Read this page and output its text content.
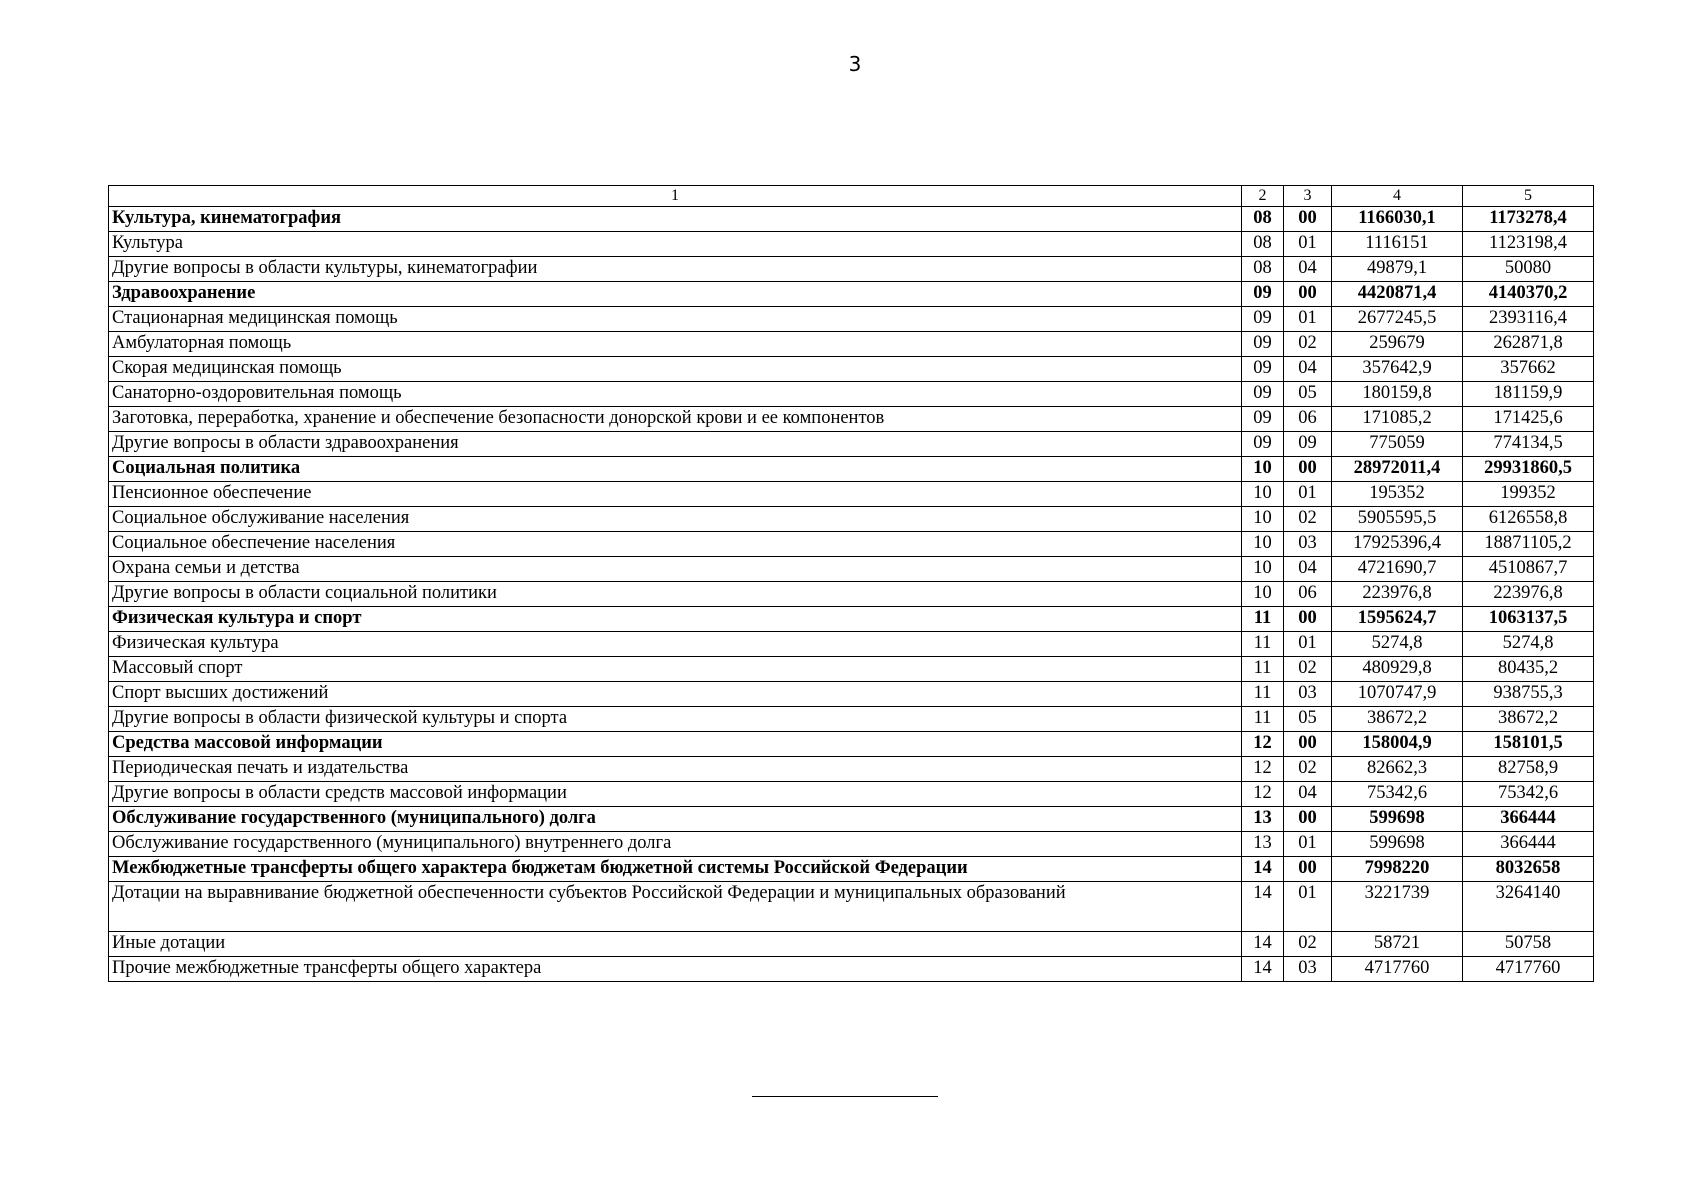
3
1	2	3	4	5
Культура, кинематография	08	00	1166030,1	1173278,4
Культура	08	01	1116151	1123198,4
Другие вопросы в области культуры, кинематографии	08	04	49879,1	50080
Здравоохранение	09	00	4420871,4	4140370,2
Стационарная медицинская помощь	09	01	2677245,5	2393116,4
Амбулаторная помощь	09	02	259679	262871,8
Скорая медицинская помощь	09	04	357642,9	357662
Санаторно-оздоровительная помощь	09	05	180159,8	181159,9
Заготовка, переработка, хранение и обеспечение безопасности донорской крови и ее компонентов	09	06	171085,2	171425,6
Другие вопросы в области здравоохранения	09	09	775059	774134,5
Социальная политика	10	00	28972011,4	29931860,5
Пенсионное обеспечение	10	01	195352	199352
Социальное обслуживание населения	10	02	5905595,5	6126558,8
Социальное обеспечение населения	10	03	17925396,4	18871105,2
Охрана семьи и детства	10	04	4721690,7	4510867,7
Другие вопросы в области социальной политики	10	06	223976,8	223976,8
Физическая культура и спорт	11	00	1595624,7	1063137,5
Физическая культура	11	01	5274,8	5274,8
Массовый спорт	11	02	480929,8	80435,2
Спорт высших достижений	11	03	1070747,9	938755,3
Другие вопросы в области физической культуры и спорта	11	05	38672,2	38672,2
Средства массовой информации	12	00	158004,9	158101,5
Периодическая печать и издательства	12	02	82662,3	82758,9
Другие вопросы в области средств массовой информации	12	04	75342,6	75342,6
Обслуживание государственного (муниципального) долга	13	00	599698	366444
Обслуживание государственного (муниципального) внутреннего долга	13	01	599698	366444
Межбюджетные трансферты общего характера бюджетам бюджетной системы Российской Федерации	14	00	7998220	8032658
Дотации на выравнивание бюджетной обеспеченности субъектов Российской Федерации и муниципальных образований	14	01	3221739	3264140
Иные дотации	14	02	58721	50758
Прочие межбюджетные трансферты общего характера	14	03	4717760	4717760
